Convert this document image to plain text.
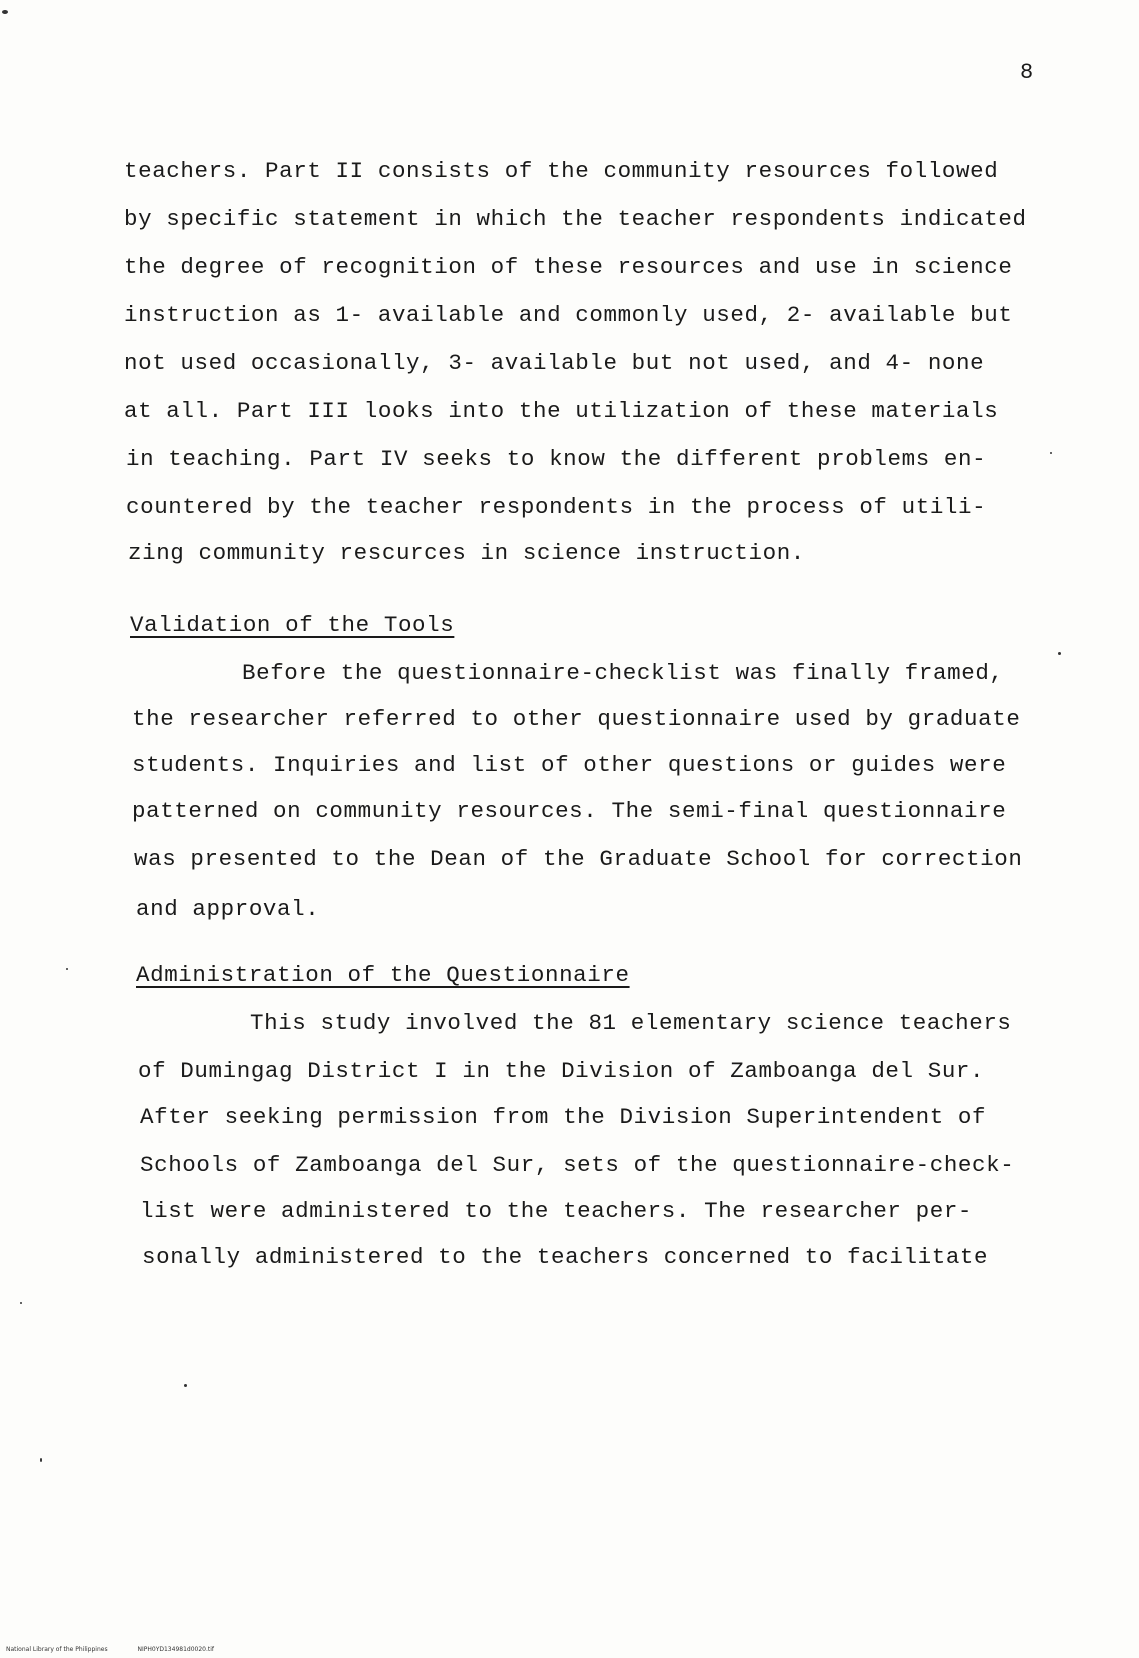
8
teachers. Part II consists of the community resources followed
by specific statement in which the teacher respondents indicated
the degree of recognition of these resources and use in science
instruction as 1- available and commonly used, 2- available but
not used occasionally, 3- available but not used, and 4- none
at all. Part III looks into the utilization of these materials
in teaching. Part IV seeks to know the different problems en-
countered by the teacher respondents in the process of utili-
zing community rescurces in science instruction.
Validation of the Tools
Before the questionnaire-checklist was finally framed,
the researcher referred to other questionnaire used by graduate
students. Inquiries and list of other questions or guides were
patterned on community resources. The semi-final questionnaire
was presented to the Dean of the Graduate School for correction
and approval.
Administration of the Questionnaire
This study involved the 81 elementary science teachers
of Dumingag District I in the Division of Zamboanga del Sur.
After seeking permission from the Division Superintendent of
Schools of Zamboanga del Sur, sets of the questionnaire-check-
list were administered to the teachers. The researcher per-
sonally administered to the teachers concerned to facilitate
National Library of the Philippines	NIPH0YD134981d0020.tif
